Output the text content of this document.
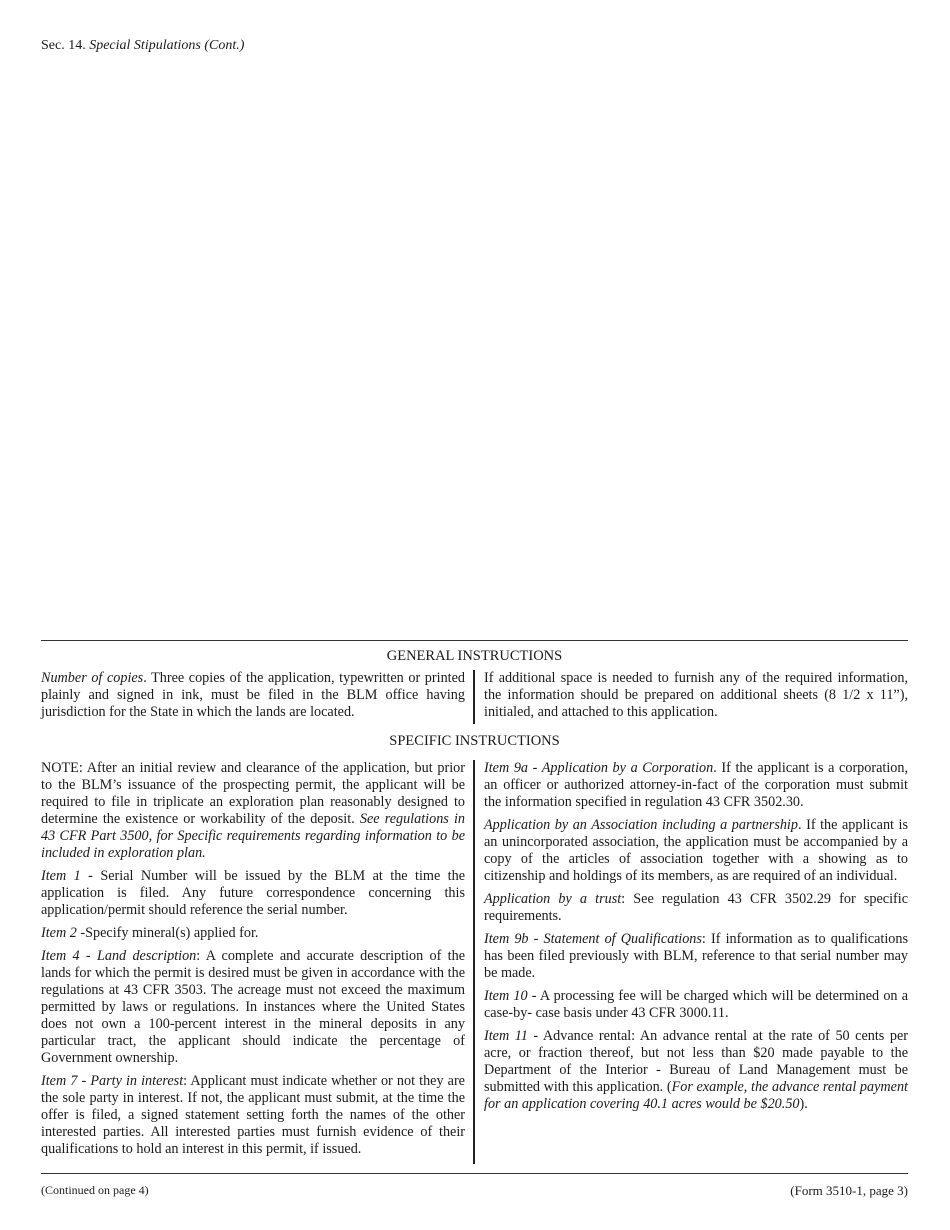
Sec. 14. Special Stipulations (Cont.)
GENERAL INSTRUCTIONS

Number of copies. Three copies of the application, typewritten or printed plainly and signed in ink, must be filed in the BLM office having jurisdiction for the State in which the lands are located.

If additional space is needed to furnish any of the required information, the information should be prepared on additional sheets (8 1/2 x 11”), initialed, and attached to this application.

SPECIFIC INSTRUCTIONS

NOTE: After an initial review and clearance of the application, but prior to the BLM’s issuance of the prospecting permit, the applicant will be required to file in triplicate an exploration plan reasonably designed to determine the existence or workability of the deposit. See regulations in 43 CFR Part 3500, for Specific requirements regarding information to be included in exploration plan.

Item 1 - Serial Number will be issued by the BLM at the time the application is filed. Any future correspondence concerning this application/permit should reference the serial number.

Item 2 -Specify mineral(s) applied for.

Item 4 - Land description: A complete and accurate description of the lands for which the permit is desired must be given in accordance with the regulations at 43 CFR 3503. The acreage must not exceed the maximum permitted by laws or regulations. In instances where the United States does not own a 100-percent interest in the mineral deposits in any particular tract, the applicant should indicate the percentage of Government ownership.

Item 7 - Party in interest: Applicant must indicate whether or not they are the sole party in interest. If not, the applicant must submit, at the time the offer is filed, a signed statement setting forth the names of the other interested parties. All interested parties must furnish evidence of their qualifications to hold an interest in this permit, if issued.

Item 9a - Application by a Corporation. If the applicant is a corporation, an officer or authorized attorney-in-fact of the corporation must submit the information specified in regulation 43 CFR 3502.30.

Application by an Association including a partnership. If the applicant is an unincorporated association, the application must be accompanied by a copy of the articles of association together with a showing as to citizenship and holdings of its members, as are required of an individual.

Application by a trust: See regulation 43 CFR 3502.29 for specific requirements.

Item 9b - Statement of Qualifications: If information as to qualifications has been filed previously with BLM, reference to that serial number may be made.

Item 10 - A processing fee will be charged which will be determined on a case-by- case basis under 43 CFR 3000.11.

Item 11 - Advance rental: An advance rental at the rate of 50 cents per acre, or fraction thereof, but not less than $20 made payable to the Department of the Interior - Bureau of Land Management must be submitted with this application. (For example, the advance rental payment for an application covering 40.1 acres would be $20.50).

(Continued on page 4)	(Form 3510-1, page 3)
